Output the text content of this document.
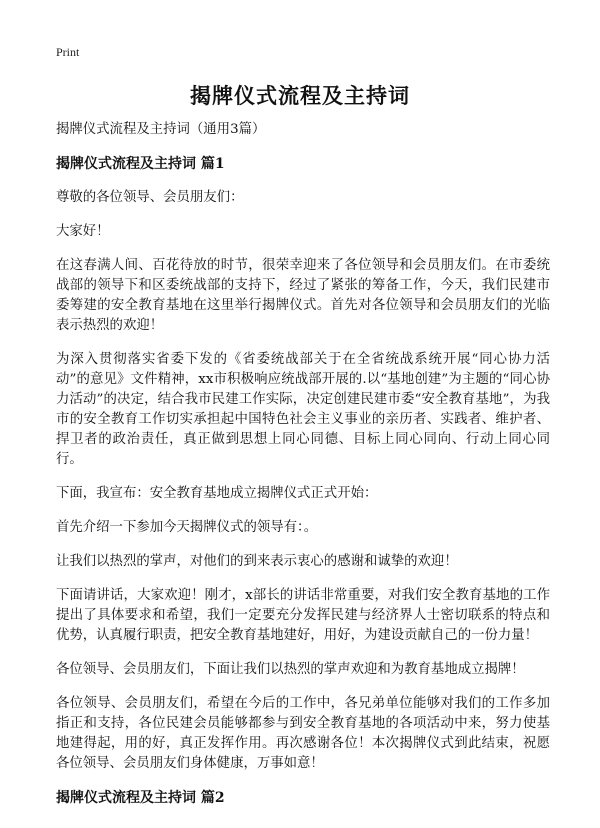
Print
揭牌仪式流程及主持词

揭牌仪式流程及主持词（通用3篇）

揭牌仪式流程及主持词 篇1

尊敬的各位领导、会员朋友们：

大家好！

在这春满人间、百花待放的时节，很荣幸迎来了各位领导和会员朋友们。在市委统战部的领导下和区委统战部的支持下，经过了紧张的筹备工作，今天，我们民建市委筹建的安全教育基地在这里举行揭牌仪式。首先对各位领导和会员朋友们的光临表示热烈的欢迎！

为深入贯彻落实省委下发的《省委统战部关于在全省统战系统开展“同心协力活动”的意见》文件精神，xx市积极响应统战部开展的.以“基地创建”为主题的“同心协力活动”的决定，结合我市民建工作实际，决定创建民建市委“安全教育基地”，为我市的安全教育工作切实承担起中国特色社会主义事业的亲历者、实践者、维护者、捍卫者的政治责任，真正做到思想上同心同德、目标上同心同向、行动上同心同行。

下面，我宣布：安全教育基地成立揭牌仪式正式开始：

首先介绍一下参加今天揭牌仪式的领导有：。

让我们以热烈的掌声，对他们的到来表示衷心的感谢和诚挚的欢迎！

下面请讲话，大家欢迎！刚才，x部长的讲话非常重要，对我们安全教育基地的工作提出了具体要求和希望，我们一定要充分发挥民建与经济界人士密切联系的特点和优势，认真履行职责，把安全教育基地建好，用好，为建设贡献自己的一份力量！

各位领导、会员朋友们，下面让我们以热烈的掌声欢迎和为教育基地成立揭牌！

各位领导、会员朋友们，希望在今后的工作中，各兄弟单位能够对我们的工作多加指正和支持，各位民建会员能够都参与到安全教育基地的各项活动中来，努力使基地建得起，用的好，真正发挥作用。再次感谢各位！本次揭牌仪式到此结束，祝愿各位领导、会员朋友们身体健康，万事如意！

揭牌仪式流程及主持词 篇2
